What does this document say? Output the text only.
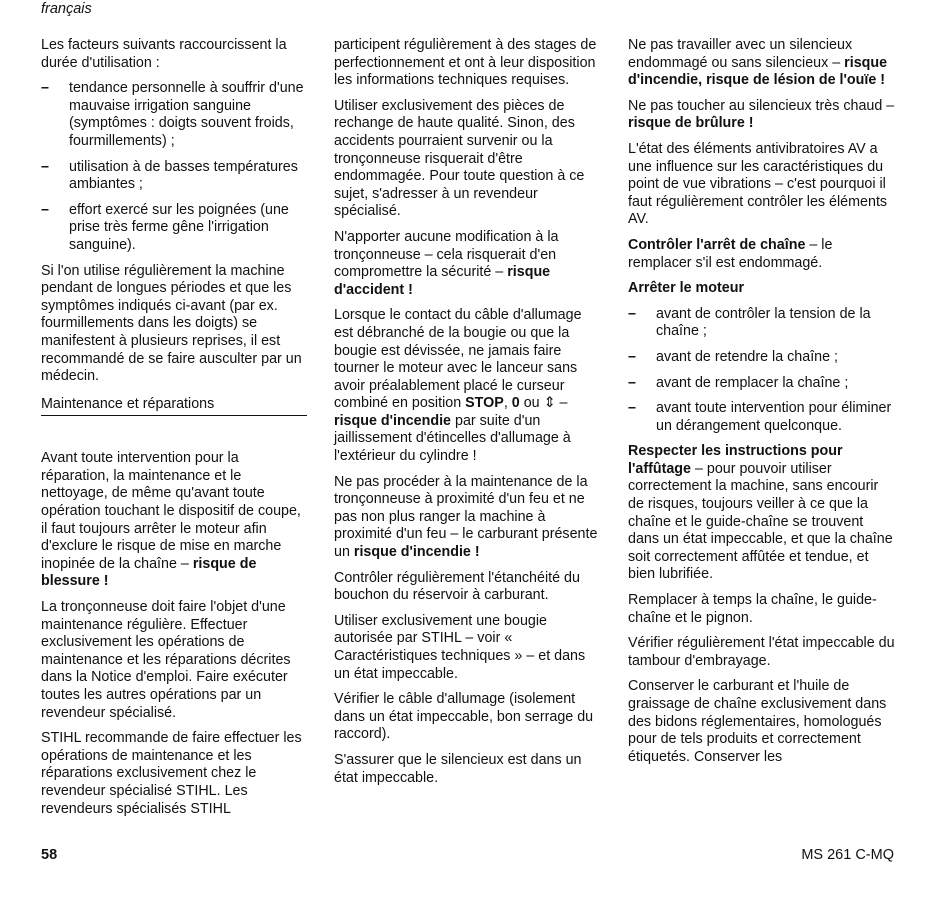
français

Les facteurs suivants raccourcissent la durée d'utilisation :

– tendance personnelle à souffrir d'une mauvaise irrigation sanguine (symptômes : doigts souvent froids, fourmillements) ;
– utilisation à de basses températures ambiantes ;
– effort exercé sur les poignées (une prise très ferme gêne l'irrigation sanguine).

Si l'on utilise régulièrement la machine pendant de longues périodes et que les symptômes indiqués ci-avant (par ex. fourmillements dans les doigts) se manifestent à plusieurs reprises, il est recommandé de se faire ausculter par un médecin.

Maintenance et réparations

Avant toute intervention pour la réparation, la maintenance et le nettoyage, de même qu'avant toute opération touchant le dispositif de coupe, il faut toujours arrêter le moteur afin d'exclure le risque de mise en marche inopinée de la chaîne – risque de blessure !

La tronçonneuse doit faire l'objet d'une maintenance régulière. Effectuer exclusivement les opérations de maintenance et les réparations décrites dans la Notice d'emploi. Faire exécuter toutes les autres opérations par un revendeur spécialisé.

STIHL recommande de faire effectuer les opérations de maintenance et les réparations exclusivement chez le revendeur spécialisé STIHL. Les revendeurs spécialisés STIHL

participent régulièrement à des stages de perfectionnement et ont à leur disposition les informations techniques requises.

Utiliser exclusivement des pièces de rechange de haute qualité. Sinon, des accidents pourraient survenir ou la tronçonneuse risquerait d'être endommagée. Pour toute question à ce sujet, s'adresser à un revendeur spécialisé.

N'apporter aucune modification à la tronçonneuse – cela risquerait d'en compromettre la sécurité – risque d'accident !

Lorsque le contact du câble d'allumage est débranché de la bougie ou que la bougie est dévissée, ne jamais faire tourner le moteur avec le lanceur sans avoir préalablement placé le curseur combiné en position STOP, 0 ou ⇕ – risque d'incendie par suite d'un jaillissement d'étincelles d'allumage à l'extérieur du cylindre !

Ne pas procéder à la maintenance de la tronçonneuse à proximité d'un feu et ne pas non plus ranger la machine à proximité d'un feu – le carburant présente un risque d'incendie !

Contrôler régulièrement l'étanchéité du bouchon du réservoir à carburant.

Utiliser exclusivement une bougie autorisée par STIHL – voir « Caractéristiques techniques » – et dans un état impeccable.

Vérifier le câble d'allumage (isolement dans un état impeccable, bon serrage du raccord).

S'assurer que le silencieux est dans un état impeccable.

Ne pas travailler avec un silencieux endommagé ou sans silencieux – risque d'incendie, risque de lésion de l'ouïe !

Ne pas toucher au silencieux très chaud – risque de brûlure !

L'état des éléments antivibratoires AV a une influence sur les caractéristiques du point de vue vibrations – c'est pourquoi il faut régulièrement contrôler les éléments AV.

Contrôler l'arrêt de chaîne – le remplacer s'il est endommagé.

Arrêter le moteur
– avant de contrôler la tension de la chaîne ;
– avant de retendre la chaîne ;
– avant de remplacer la chaîne ;
– avant toute intervention pour éliminer un dérangement quelconque.

Respecter les instructions pour l'affûtage – pour pouvoir utiliser correctement la machine, sans encourir de risques, toujours veiller à ce que la chaîne et le guide-chaîne se trouvent dans un état impeccable, et que la chaîne soit correctement affûtée et tendue, et bien lubrifiée.

Remplacer à temps la chaîne, le guide-chaîne et le pignon.

Vérifier régulièrement l'état impeccable du tambour d'embrayage.

Conserver le carburant et l'huile de graissage de chaîne exclusivement dans des bidons réglementaires, homologués pour de tels produits et correctement étiquetés. Conserver les

58	MS 261 C-MQ
